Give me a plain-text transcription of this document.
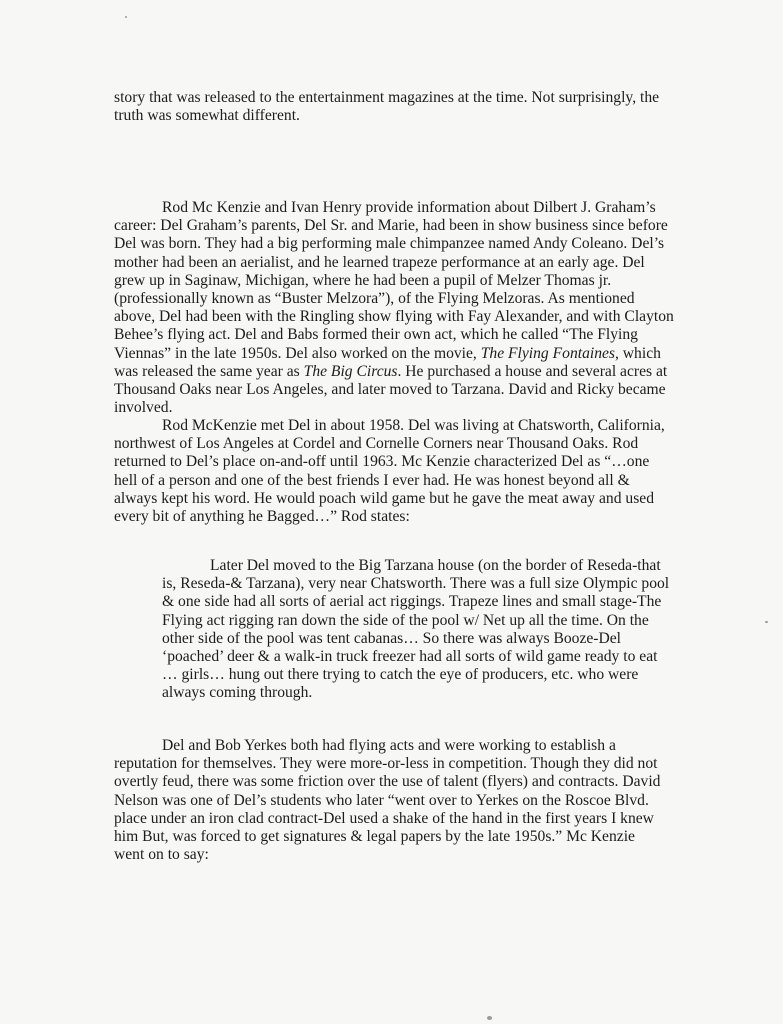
story that was released to the entertainment magazines at the time. Not surprisingly, the
truth was somewhat different.

Rod Mc Kenzie and Ivan Henry provide information about Dilbert J. Graham’s
career: Del Graham’s parents, Del Sr. and Marie, had been in show business since before
Del was born. They had a big performing male chimpanzee named Andy Coleano. Del’s
mother had been an aerialist, and he learned trapeze performance at an early age. Del
grew up in Saginaw, Michigan, where he had been a pupil of Melzer Thomas jr.
(professionally known as “Buster Melzora”), of the Flying Melzoras. As mentioned
above, Del had been with the Ringling show flying with Fay Alexander, and with Clayton
Behee’s flying act. Del and Babs formed their own act, which he called “The Flying
Viennas” in the late 1950s. Del also worked on the movie, The Flying Fontaines, which
was released the same year as The Big Circus. He purchased a house and several acres at
Thousand Oaks near Los Angeles, and later moved to Tarzana. David and Ricky became
involved.

Rod McKenzie met Del in about 1958. Del was living at Chatsworth, California,
northwest of Los Angeles at Cordel and Cornelle Corners near Thousand Oaks. Rod
returned to Del’s place on-and-off until 1963. Mc Kenzie characterized Del as “…one
hell of a person and one of the best friends I ever had. He was honest beyond all &
always kept his word. He would poach wild game but he gave the meat away and used
every bit of anything he Bagged…” Rod states:

Later Del moved to the Big Tarzana house (on the border of Reseda-that
is, Reseda-& Tarzana), very near Chatsworth. There was a full size Olympic pool
& one side had all sorts of aerial act riggings. Trapeze lines and small stage-The
Flying act rigging ran down the side of the pool w/ Net up all the time. On the
other side of the pool was tent cabanas… So there was always Booze-Del
‘poached’ deer & a walk-in truck freezer had all sorts of wild game ready to eat
… girls… hung out there trying to catch the eye of producers, etc. who were
always coming through.

Del and Bob Yerkes both had flying acts and were working to establish a
reputation for themselves. They were more-or-less in competition. Though they did not
overtly feud, there was some friction over the use of talent (flyers) and contracts. David
Nelson was one of Del’s students who later “went over to Yerkes on the Roscoe Blvd.
place under an iron clad contract-Del used a shake of the hand in the first years I knew
him But, was forced to get signatures & legal papers by the late 1950s.” Mc Kenzie
went on to say:
